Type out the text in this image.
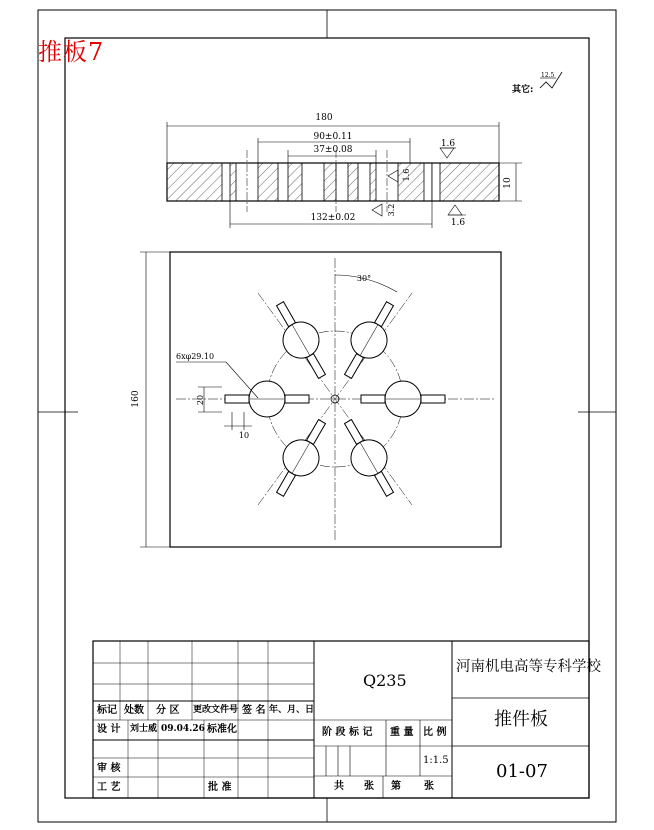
其它:
12.5
180
90±0.11
37±0.08
132±0.02
10
1.6
1.6
1.6
3.2
160	20
10
6xφ29.10
30°
推板7
标记 处数 分 区 更改文件号 签 名 年、月、日
设 计 刘士威 09.04.26 标准化
审 核
工 艺	批 准
Q235
阶 段 标 记 重 量 比 例
1:1.5
共 张 第 张
河南机电高等专科学校
推件板
01-07
